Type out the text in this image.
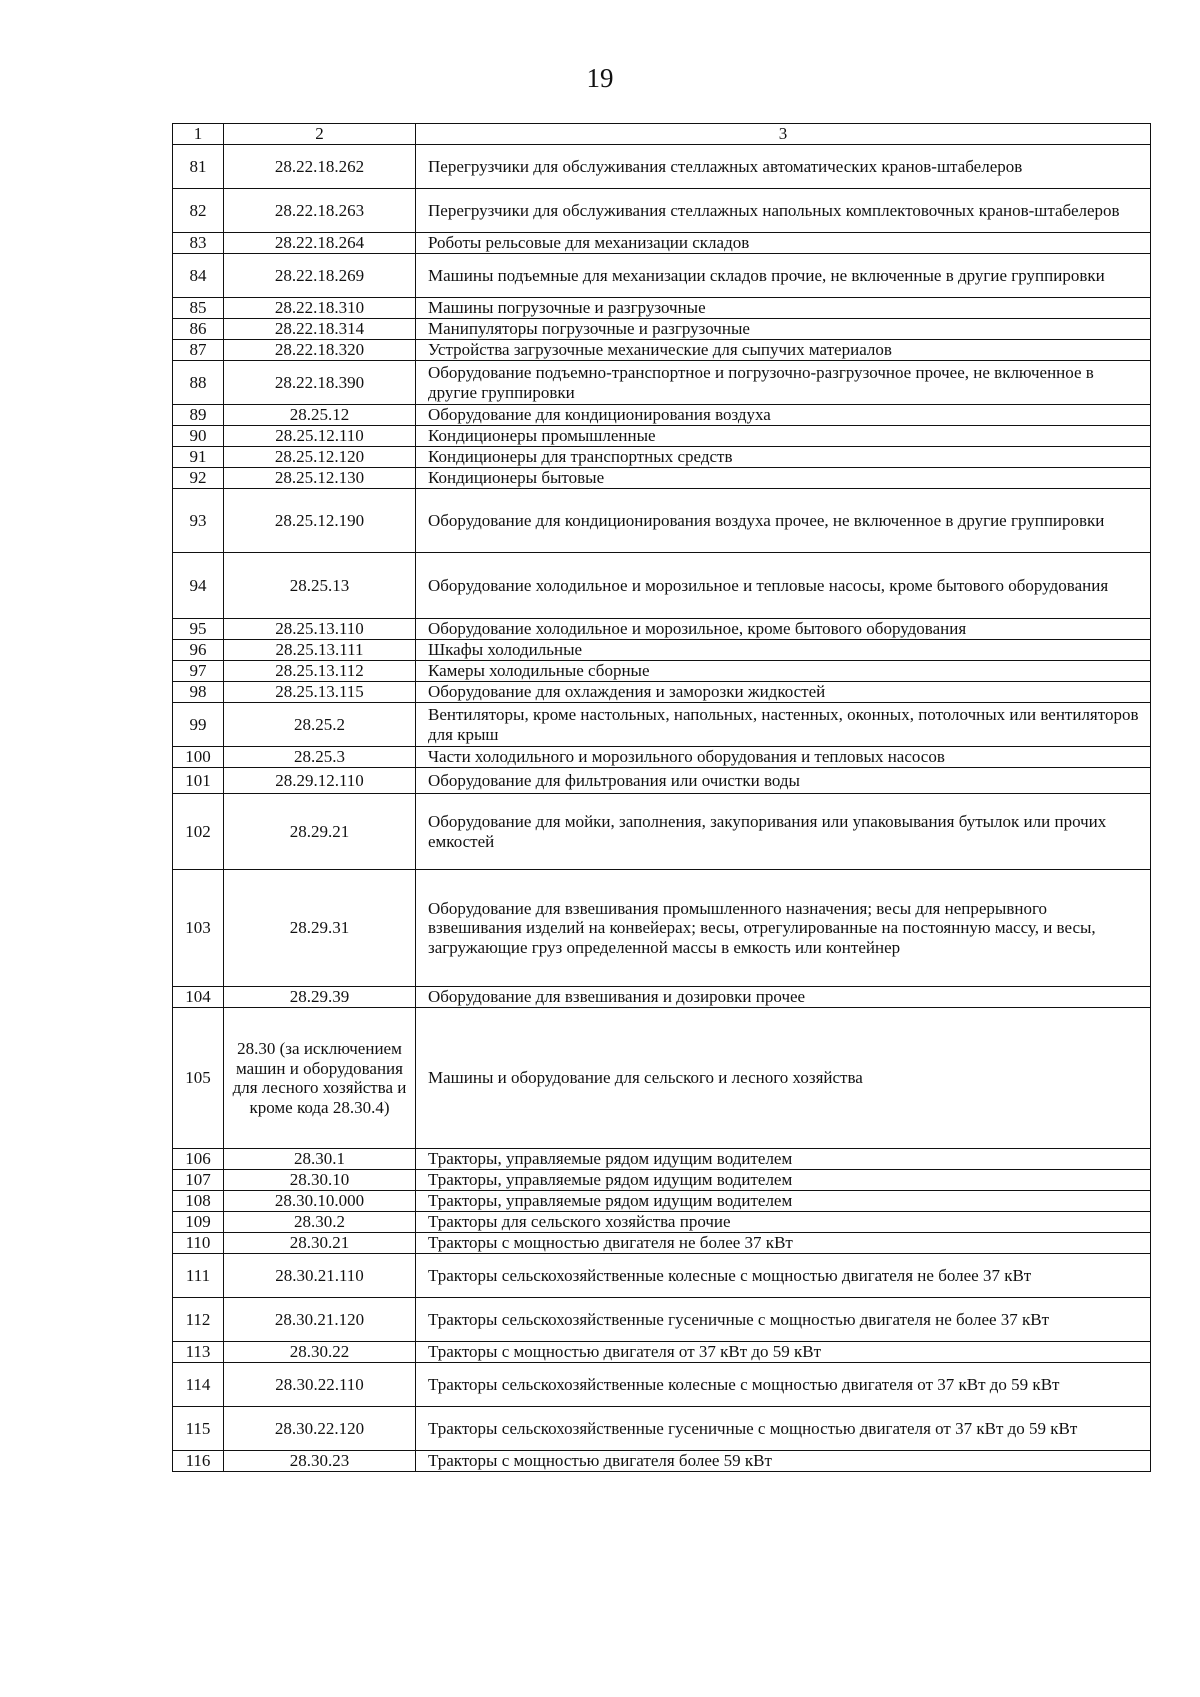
19
1	2	3
81	28.22.18.262	Перегрузчики для обслуживания стеллажных автоматических кранов-штабелеров
82	28.22.18.263	Перегрузчики для обслуживания стеллажных напольных комплектовочных кранов-штабелеров
83	28.22.18.264	Роботы рельсовые для механизации складов
84	28.22.18.269	Машины подъемные для механизации складов прочие, не включенные в другие группировки
85	28.22.18.310	Машины погрузочные и разгрузочные
86	28.22.18.314	Манипуляторы погрузочные и разгрузочные
87	28.22.18.320	Устройства загрузочные механические для сыпучих материалов
88	28.22.18.390	Оборудование подъемно-транспортное и погрузочно-разгрузочное прочее, не включенное в другие группировки
89	28.25.12	Оборудование для кондиционирования воздуха
90	28.25.12.110	Кондиционеры промышленные
91	28.25.12.120	Кондиционеры для транспортных средств
92	28.25.12.130	Кондиционеры бытовые
93	28.25.12.190	Оборудование для кондиционирования воздуха прочее, не включенное в другие группировки
94	28.25.13	Оборудование холодильное и морозильное и тепловые насосы, кроме бытового оборудования
95	28.25.13.110	Оборудование холодильное и морозильное, кроме бытового оборудования
96	28.25.13.111	Шкафы холодильные
97	28.25.13.112	Камеры холодильные сборные
98	28.25.13.115	Оборудование для охлаждения и заморозки жидкостей
99	28.25.2	Вентиляторы, кроме настольных, напольных, настенных, оконных, потолочных или вентиляторов для крыш
100	28.25.3	Части холодильного и морозильного оборудования и тепловых насосов
101	28.29.12.110	Оборудование для фильтрования или очистки воды
102	28.29.21	Оборудование для мойки, заполнения, закупоривания или упаковывания бутылок или прочих емкостей
103	28.29.31	Оборудование для взвешивания промышленного назначения; весы для непрерывного взвешивания изделий на конвейерах; весы, отрегулированные на постоянную массу, и весы, загружающие груз определенной массы в емкость или контейнер
104	28.29.39	Оборудование для взвешивания и дозировки прочее
105	28.30 (за исключением машин и оборудования для лесного хозяйства и кроме кода 28.30.4)	Машины и оборудование для сельского и лесного хозяйства
106	28.30.1	Тракторы, управляемые рядом идущим водителем
107	28.30.10	Тракторы, управляемые рядом идущим водителем
108	28.30.10.000	Тракторы, управляемые рядом идущим водителем
109	28.30.2	Тракторы для сельского хозяйства прочие
110	28.30.21	Тракторы с мощностью двигателя не более 37 кВт
111	28.30.21.110	Тракторы сельскохозяйственные колесные с мощностью двигателя не более 37 кВт
112	28.30.21.120	Тракторы сельскохозяйственные гусеничные с мощностью двигателя не более 37 кВт
113	28.30.22	Тракторы с мощностью двигателя от 37 кВт до 59 кВт
114	28.30.22.110	Тракторы сельскохозяйственные колесные с мощностью двигателя от 37 кВт до 59 кВт
115	28.30.22.120	Тракторы сельскохозяйственные гусеничные с мощностью двигателя от 37 кВт до 59 кВт
116	28.30.23	Тракторы с мощностью двигателя более 59 кВт
